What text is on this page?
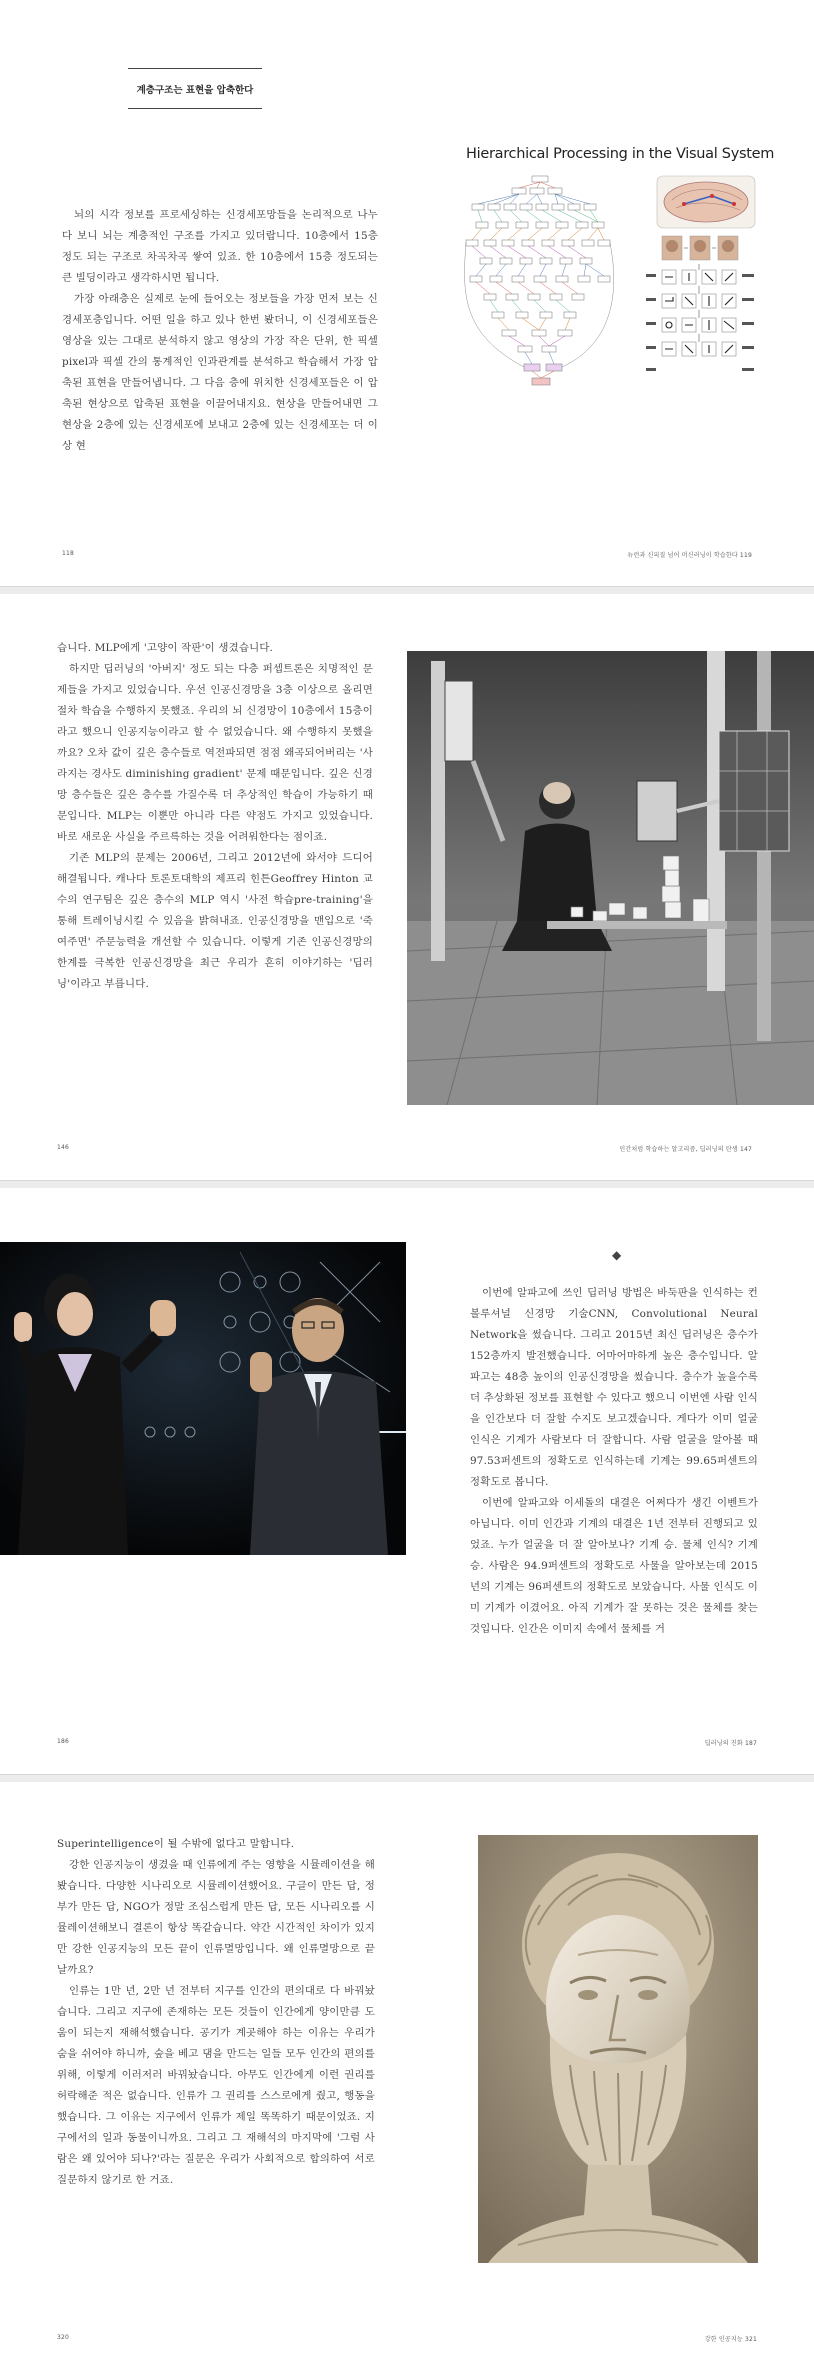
계층구조는 표현을 압축한다

뇌의 시각 정보를 프로세싱하는 신경세포망들을 논리적으로 나누다 보니 뇌는 계층적인 구조를 가지고 있더랍니다. 10층에서 15층 정도 되는 구조로 차곡차곡 쌓여 있죠. 한 10층에서 15층 정도되는 큰 빌딩이라고 생각하시면 됩니다.

가장 아래층은 실제로 눈에 들어오는 정보들을 가장 먼저 보는 신경세포층입니다. 어떤 일을 하고 있나 한번 봤더니, 이 신경세포들은 영상을 있는 그대로 분석하지 않고 영상의 가장 작은 단위, 한 픽셀pixel과 픽셀 간의 통계적인 인과관계를 분석하고 학습해서 가장 압축된 표현을 만들어냅니다. 그 다음 층에 위치한 신경세포들은 이 압축된 현상으로 압축된 표현을 이끌어내지요. 현상을 만들어내면 그 현상을 2층에 있는 신경세포에 보내고 2층에 있는 신경세포는 더 이상 현

Hierarchical Processing in the Visual System
118	뉴런과 신피질 넘어 머신러닝이 학습한다 119

습니다. MLP에게 '고양이 작판'이 생겼습니다.

하지만 딥러닝의 '아버지' 정도 되는 다층 퍼셉트론은 치명적인 문제들을 가지고 있었습니다. 우선 인공신경망을 3층 이상으로 올리면 절차 학습을 수행하지 못했죠. 우리의 뇌 신경망이 10층에서 15층이라고 했으니 인공지능이라고 할 수 없었습니다. 왜 수행하지 못했을까요? 오차 값이 깊은 층수들로 역전파되면 점점 왜곡되어버리는 '사라지는 경사도 diminishing gradient' 문제 때문입니다. 깊은 신경망 층수들은 깊은 층수를 가질수록 더 추상적인 학습이 가능하기 때문입니다. MLP는 이뿐만 아니라 다른 약점도 가지고 있었습니다. 바로 새로운 사실을 주르륵하는 것을 어려워한다는 점이죠.

기존 MLP의 문제는 2006년, 그리고 2012년에 와서야 드디어 해결됩니다. 캐나다 토론토대학의 제프리 힌튼Geoffrey Hinton 교수의 연구팀은 깊은 층수의 MLP 역시 '사전 학습pre-training'을 통해 트레이닝시킬 수 있음을 밝혀내죠. 인공신경망을 맨입으로 '죽여주면' 주문능력을 개선할 수 있습니다. 이렇게 기존 인공신경망의 한계를 극복한 인공신경망을 최근 우리가 흔히 이야기하는 '딥러닝'이라고 부릅니다.

146	인간처럼 학습하는 알고리즘, 딥러닝의 탄생 147
◆

이번에 알파고에 쓰인 딥러닝 방법은 바둑판을 인식하는 컨볼루셔널 신경망 기술CNN, Convolutional Neural Network을 썼습니다. 그리고 2015년 최신 딥러닝은 층수가 152층까지 발전했습니다. 어마어마하게 높은 층수입니다. 알파고는 48층 높이의 인공신경망을 썼습니다. 층수가 높을수록 더 추상화된 정보를 표현할 수 있다고 했으니 이번엔 사람 인식을 인간보다 더 잘할 수지도 보고겠습니다. 게다가 이미 얼굴 인식은 기계가 사람보다 더 잘합니다. 사람 얼굴을 알아볼 때 97.53퍼센트의 정확도로 인식하는데 기계는 99.65퍼센트의 정확도로 봅니다.

이번에 알파고와 이세돌의 대결은 어쩌다가 생긴 이벤트가 아닙니다. 이미 인간과 기계의 대결은 1년 전부터 진행되고 있었죠. 누가 얼굴을 더 잘 알아보나? 기계 승. 물체 인식? 기계 승. 사람은 94.9퍼센트의 정확도로 사물을 알아보는데 2015년의 기계는 96퍼센트의 정확도로 보았습니다. 사물 인식도 이미 기계가 이겼어요. 아직 기계가 잘 못하는 것은 물체를 찾는 것입니다. 인간은 이미지 속에서 물체를 거

186	딥러닝의 진화 187

Superintelligence이 될 수밖에 없다고 말합니다.

강한 인공지능이 생겼을 때 인류에게 주는 영향을 시뮬레이션을 해봤습니다. 다양한 시나리오로 시뮬레이션했어요. 구글이 만든 답, 정부가 만든 답, NGO가 정말 조심스럽게 만든 답, 모든 시나리오를 시뮬레이션해보니 결론이 항상 똑같습니다. 약간 시간적인 차이가 있지만 강한 인공지능의 모든 끝이 인류멸망입니다. 왜 인류멸망으로 끝날까요?

인류는 1만 년, 2만 년 전부터 지구를 인간의 편의대로 다 바꿔놨습니다. 그리고 지구에 존재하는 모든 것들이 인간에게 양이만큼 도움이 되는지 재해석했습니다. 공기가 계곳해야 하는 이유는 우리가 숨을 쉬어야 하니까, 숲을 베고 댐을 만드는 일들 모두 인간의 편의를 위해, 이렇게 이러저러 바꿔놨습니다. 아무도 인간에게 이런 권리를 허락해준 적은 없습니다. 인류가 그 권리를 스스로에게 줬고, 행동을 했습니다. 그 이유는 지구에서 인류가 제일 똑똑하기 때문이었죠. 지구에서의 일과 동물이니까요. 그리고 그 재해석의 마지막에 '그럼 사람은 왜 있어야 되나?'라는 질문은 우리가 사회적으로 합의하여 서로 질문하지 않기로 한 거죠.

320	강한 인공지능 321
